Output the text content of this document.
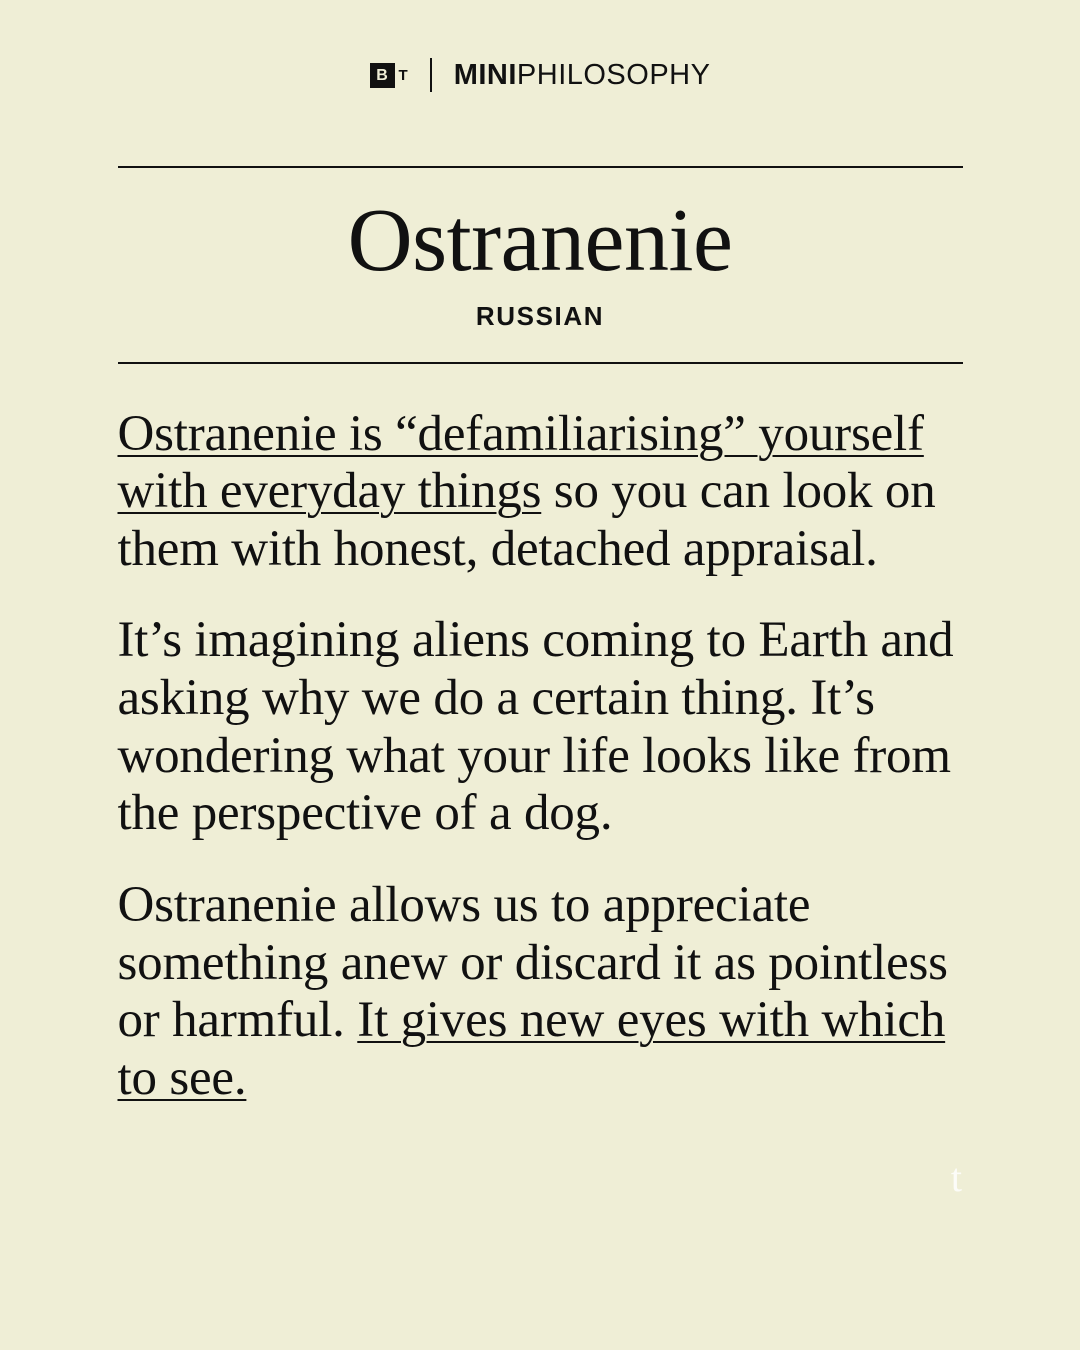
B T MINIPHILOSOPHY
Ostranenie
RUSSIAN

Ostranenie is “defamiliarising” yourself with everyday things so you can look on them with honest, detached appraisal.

It’s imagining aliens coming to Earth and asking why we do a certain thing. It’s wondering what your life looks like from the perspective of a dog.

Ostranenie allows us to appreciate something anew or discard it as pointless or harmful. It gives new eyes with which to see.

t
